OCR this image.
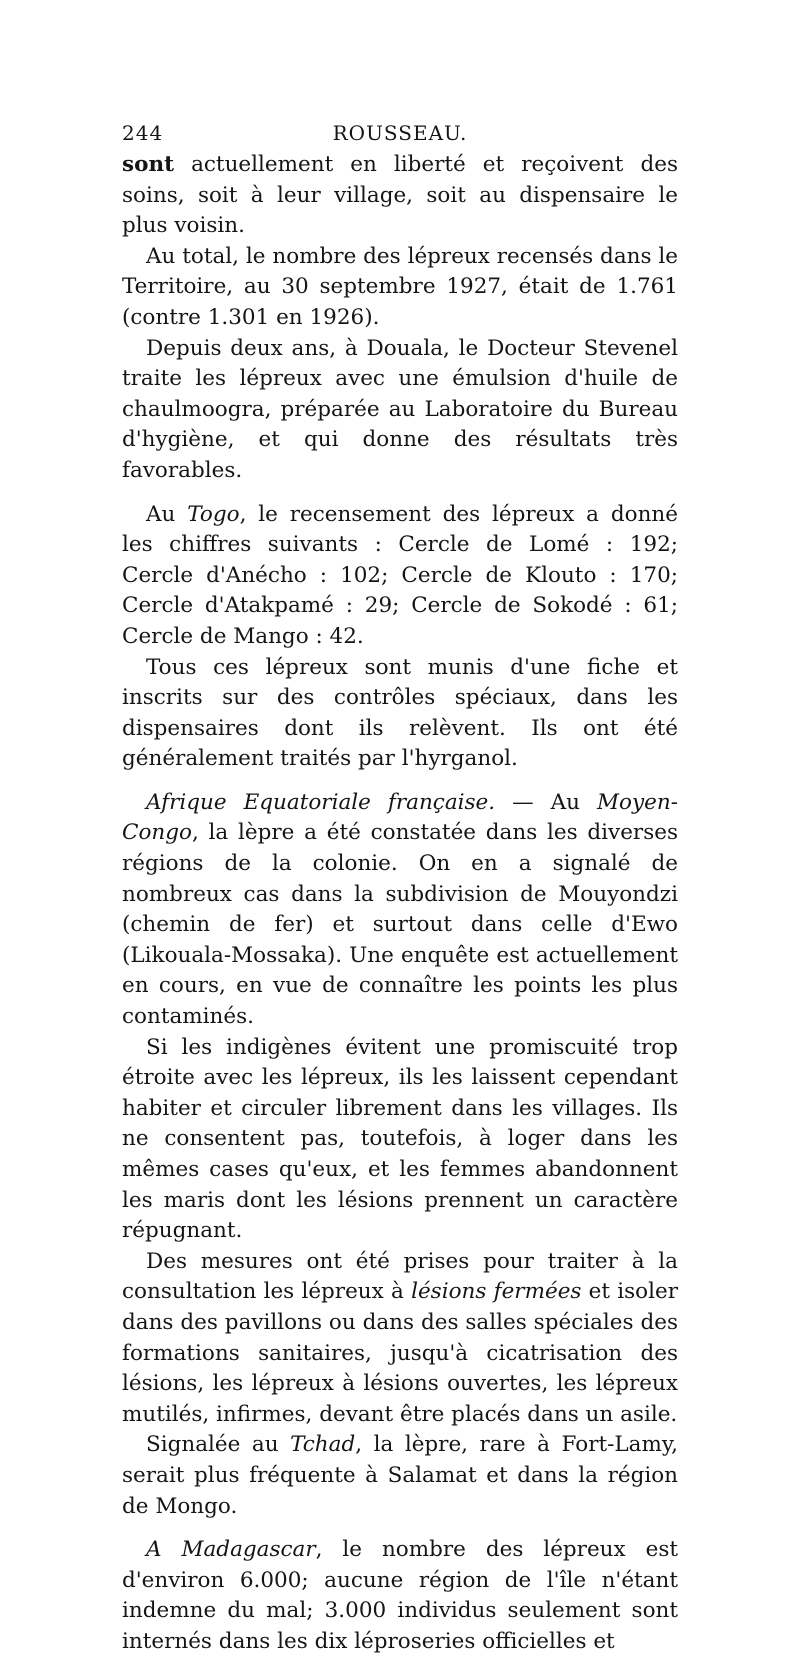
244	ROUSSEAU.

sont actuellement en liberté et reçoivent des soins, soit à leur village, soit au dispensaire le plus voisin.

Au total, le nombre des lépreux recensés dans le Territoire, au 30 septembre 1927, était de 1.761 (contre 1.301 en 1926).

Depuis deux ans, à Douala, le Docteur Stevenel traite les lépreux avec une émulsion d'huile de chaulmoogra, préparée au Laboratoire du Bureau d'hygiène, et qui donne des résultats très favorables.

Au Togo, le recensement des lépreux a donné les chiffres suivants : Cercle de Lomé : 192; Cercle d'Anécho : 102; Cercle de Klouto : 170; Cercle d'Atakpamé : 29; Cercle de Sokodé : 61; Cercle de Mango : 42.

Tous ces lépreux sont munis d'une fiche et inscrits sur des contrôles spéciaux, dans les dispensaires dont ils relèvent. Ils ont été généralement traités par l'hyrganol.

Afrique Equatoriale française. — Au Moyen-Congo, la lèpre a été constatée dans les diverses régions de la colonie. On en a signalé de nombreux cas dans la subdivision de Mouyondzi (chemin de fer) et surtout dans celle d'Ewo (Likouala-Mossaka). Une enquête est actuellement en cours, en vue de connaître les points les plus contaminés.

Si les indigènes évitent une promiscuité trop étroite avec les lépreux, ils les laissent cependant habiter et circuler librement dans les villages. Ils ne consentent pas, toutefois, à loger dans les mêmes cases qu'eux, et les femmes abandonnent les maris dont les lésions prennent un caractère répugnant.

Des mesures ont été prises pour traiter à la consultation les lépreux à lésions fermées et isoler dans des pavillons ou dans des salles spéciales des formations sanitaires, jusqu'à cicatrisation des lésions, les lépreux à lésions ouvertes, les lépreux mutilés, infirmes, devant être placés dans un asile.

Signalée au Tchad, la lèpre, rare à Fort-Lamy, serait plus fréquente à Salamat et dans la région de Mongo.

A Madagascar, le nombre des lépreux est d'environ 6.000; aucune région de l'île n'étant indemne du mal; 3.000 individus seulement sont internés dans les dix léproseries officielles et
